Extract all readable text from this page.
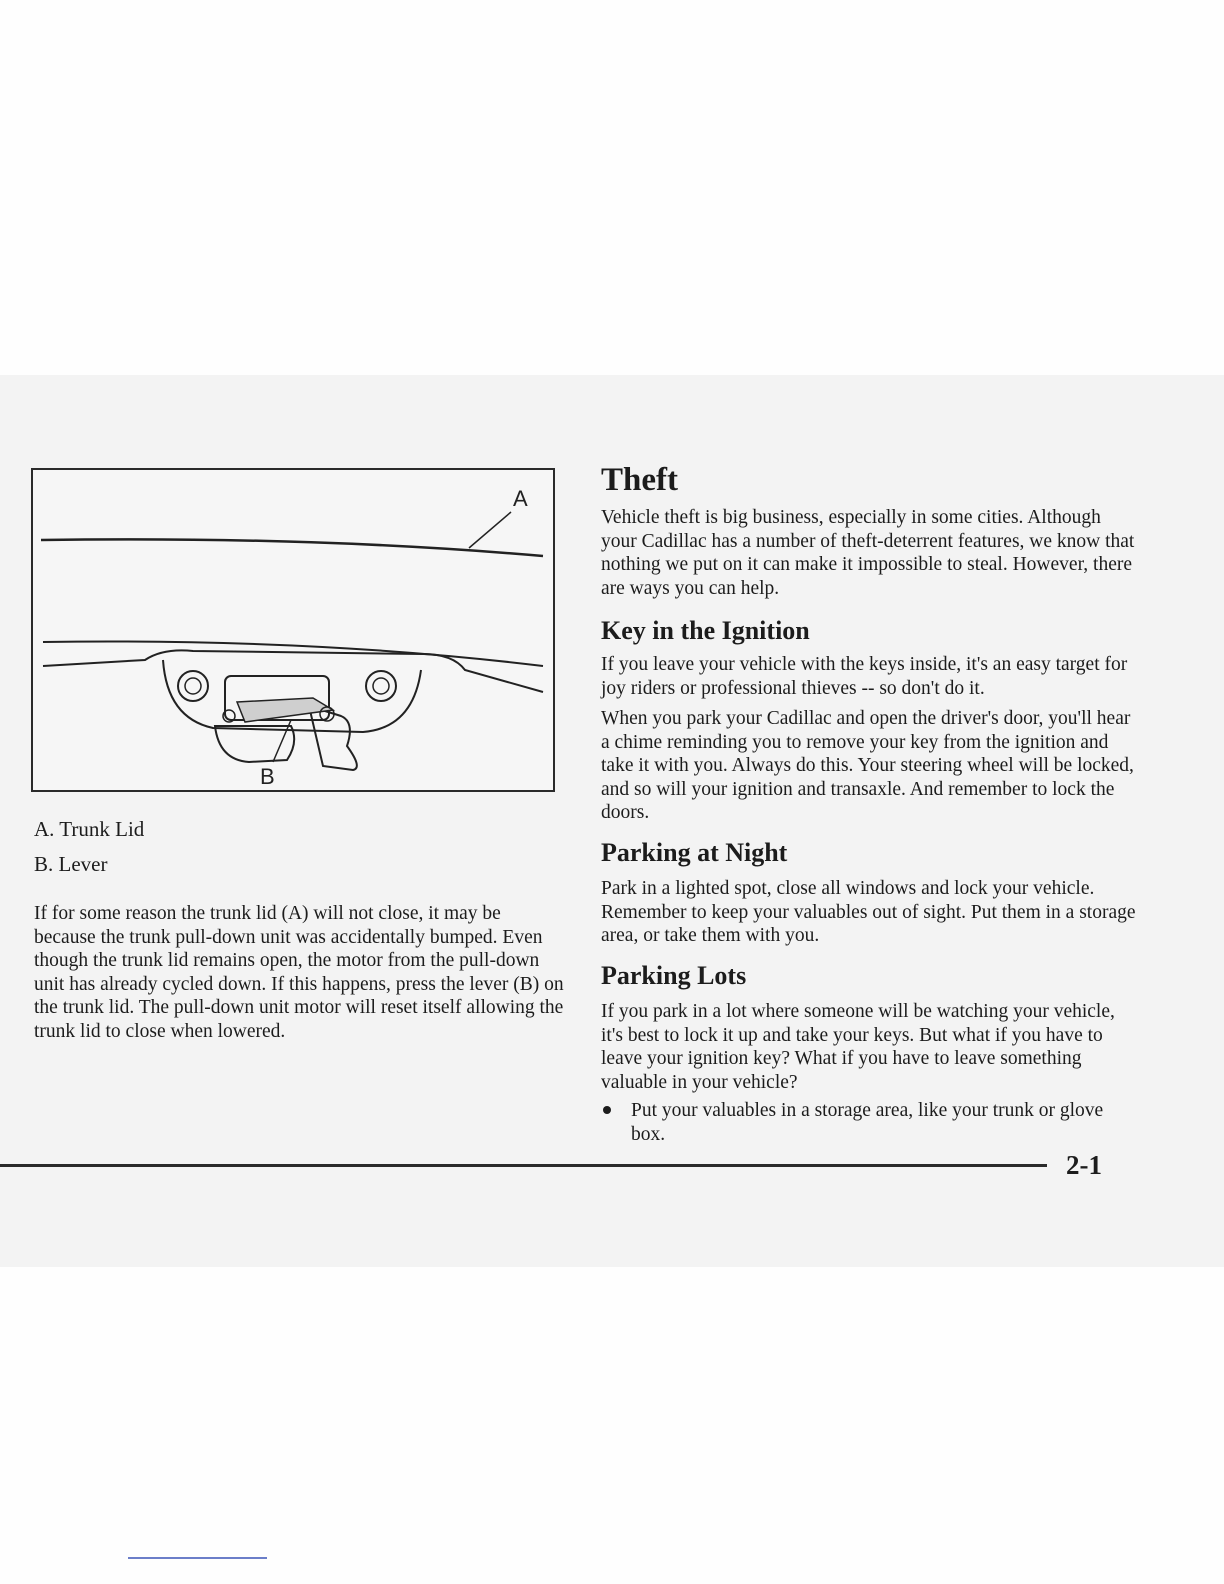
A
B
A. Trunk Lid
B. Lever

If for some reason the trunk lid (A) will not close, it may be because the trunk pull-down unit was accidentally bumped. Even though the trunk lid remains open, the motor from the pull-down unit has already cycled down. If this happens, press the lever (B) on the trunk lid. The pull-down unit motor will reset itself allowing the trunk lid to close when lowered.

Theft

Vehicle theft is big business, especially in some cities. Although your Cadillac has a number of theft-deterrent features, we know that nothing we put on it can make it impossible to steal. However, there are ways you can help.

Key in the Ignition

If you leave your vehicle with the keys inside, it's an easy target for joy riders or professional thieves -- so don't do it.

When you park your Cadillac and open the driver's door, you'll hear a chime reminding you to remove your key from the ignition and take it with you. Always do this. Your steering wheel will be locked, and so will your ignition and transaxle. And remember to lock the doors.

Parking at Night

Park in a lighted spot, close all windows and lock your vehicle. Remember to keep your valuables out of sight. Put them in a storage area, or take them with you.

Parking Lots

If you park in a lot where someone will be watching your vehicle, it's best to lock it up and take your keys. But what if you have to leave your ignition key? What if you have to leave something valuable in your vehicle?

Put your valuables in a storage area, like your trunk or glove box.
2-1
